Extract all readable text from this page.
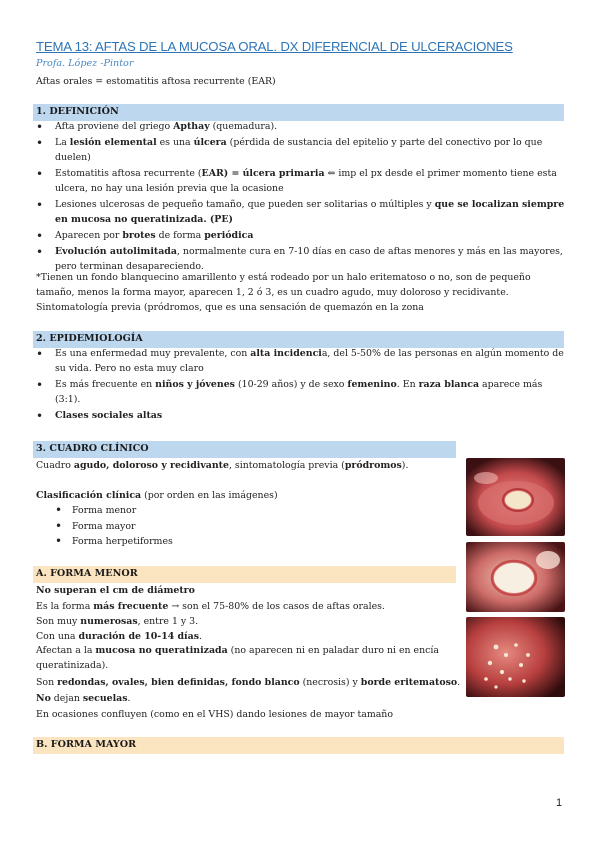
TEMA 13: AFTAS DE LA MUCOSA ORAL. DX DIFERENCIAL DE ULCERACIONES
Profa. López -Pintor
Aftas orales = estomatitis aftosa recurrente (EAR)
1. DEFINICIÓN
• Afta proviene del griego Apthay (quemadura).
• La lesión elemental es una úlcera (pérdida de sustancia del epitelio y parte del conectivo por lo que duelen)
• Estomatitis aftosa recurrente (EAR) = úlcera primaria ⇐ imp el px desde el primer momento tiene esta ulcera, no hay una lesión previa que la ocasione
• Lesiones ulcerosas de pequeño tamaño, que pueden ser solitarias o múltiples y que se localizan siempre en mucosa no queratinizada. (PE)
• Aparecen por brotes de forma periódica
• Evolución autolimitada, normalmente cura en 7-10 días en caso de aftas menores y más en las mayores, pero terminan desapareciendo.
*Tienen un fondo blanquecino amarillento y está rodeado por un halo eritematoso o no, son de pequeño tamaño, menos la forma mayor, aparecen 1, 2 ó 3, es un cuadro agudo, muy doloroso y recidivante. Sintomatología previa (pródromos, que es una sensación de quemazón en la zona
2. EPIDEMIOLOGÍA
• Es una enfermedad muy prevalente, con alta incidencia, del 5-50% de las personas en algún momento de su vida. Pero no esta muy claro
• Es más frecuente en niños y jóvenes (10-29 años) y de sexo femenino. En raza blanca aparece más (3:1).
• Clases sociales altas
3. CUADRO CLÍNICO
Cuadro agudo, doloroso y recidivante, sintomatología previa (pródromos).
Clasificación clínica (por orden en las imágenes)
• Forma menor
• Forma mayor
• Forma herpetiformes
A. FORMA MENOR
No superan el cm de diámetro
Es la forma más frecuente → son el 75-80% de los casos de aftas orales.
Son muy numerosas, entre 1 y 3.
Con una duración de 10-14 días.
Afectan a la mucosa no queratinizada (no aparecen ni en paladar duro ni en encía queratinizada).
Son redondas, ovales, bien definidas, fondo blanco (necrosis) y borde eritematoso.
No dejan secuelas.
En ocasiones confluyen (como en el VHS) dando lesiones de mayor tamaño
B. FORMA MAYOR
1
